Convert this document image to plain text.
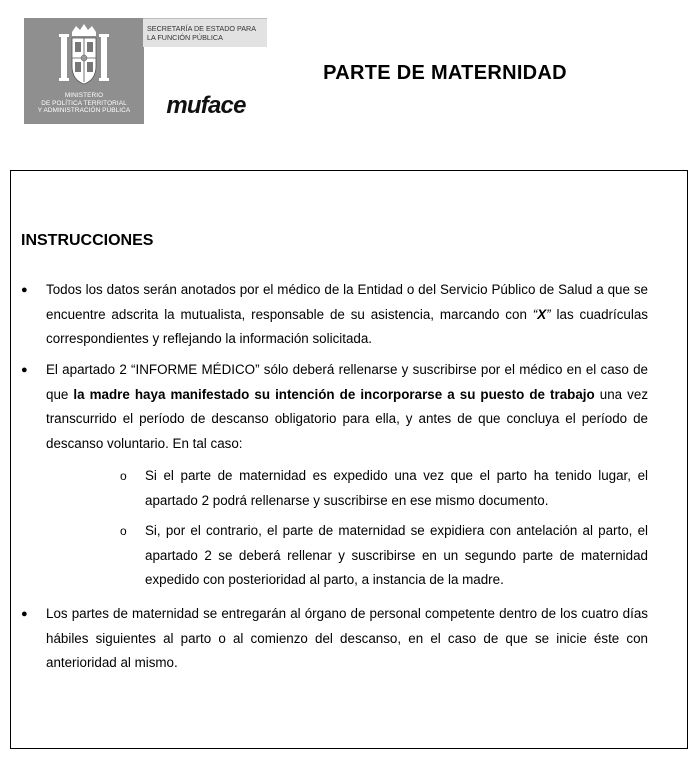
MINISTERIO
DE POLÍTICA TERRITORIAL
Y ADMINISTRACIÓN PÚBLICA
SECRETARÍA DE ESTADO PARA
LA FUNCIÓN PÚBLICA
muface
PARTE DE MATERNIDAD
INSTRUCCIONES
● Todos los datos serán anotados por el médico de la Entidad o del Servicio Público de Salud a que se encuentre adscrita la mutualista, responsable de su asistencia, marcando con “X” las cuadrículas correspondientes y reflejando la información solicitada.
● El apartado 2 “INFORME MÉDICO” sólo deberá rellenarse y suscribirse por el médico en el caso de que la madre haya manifestado su intención de incorporarse a su puesto de trabajo una vez transcurrido el período de descanso obligatorio para ella, y antes de que concluya el período de descanso voluntario. En tal caso:
o Si el parte de maternidad es expedido una vez que el parto ha tenido lugar, el apartado 2 podrá rellenarse y suscribirse en ese mismo documento.
o Si, por el contrario, el parte de maternidad se expidiera con antelación al parto, el apartado 2 se deberá rellenar y suscribirse en un segundo parte de maternidad expedido con posterioridad al parto, a instancia de la madre.
● Los partes de maternidad se entregarán al órgano de personal competente dentro de los cuatro días hábiles siguientes al parto o al comienzo del descanso, en el caso de que se inicie éste con anterioridad al mismo.
